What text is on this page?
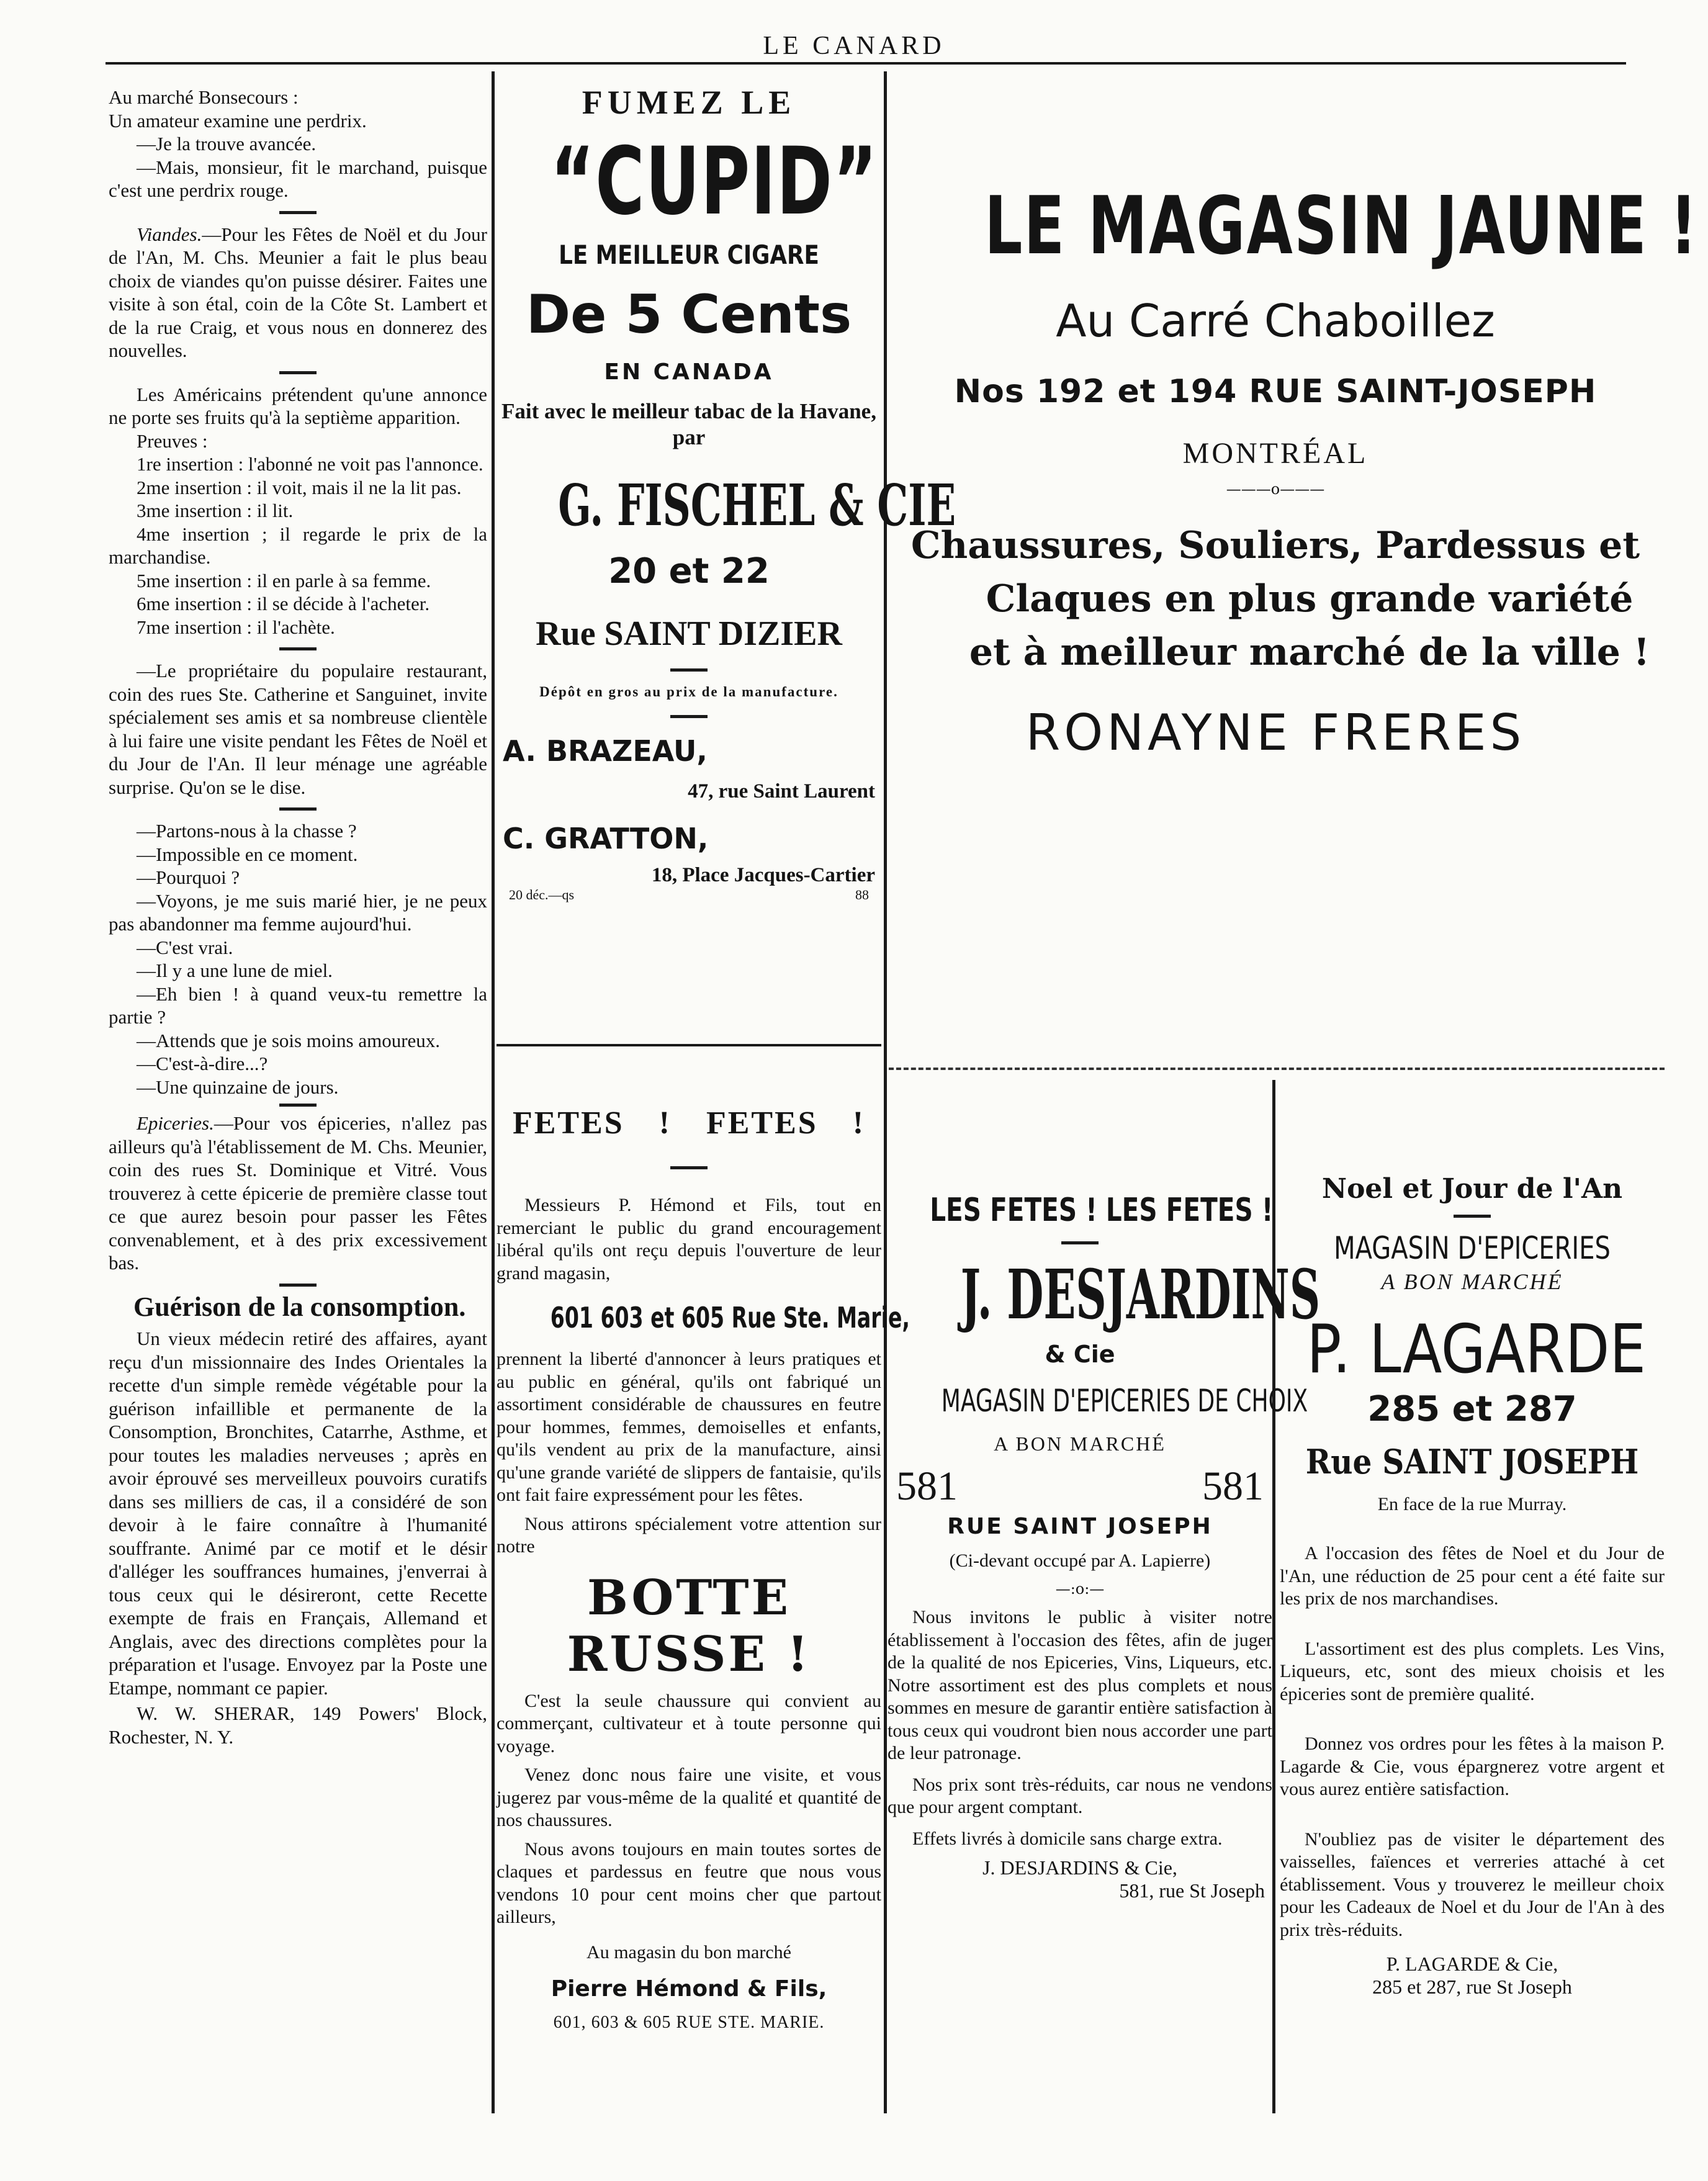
LE CANARD

Au marché Bonsecours :

Un amateur examine une perdrix.

—Je la trouve avancée.

—Mais, monsieur, fit le marchand, puisque c'est une perdrix rouge.

Viandes.—Pour les Fêtes de Noël et du Jour de l'An, M. Chs. Meunier a fait le plus beau choix de viandes qu'on puisse désirer. Faites une visite à son étal, coin de la Côte St. Lambert et de la rue Craig, et vous nous en donnerez des nouvelles.

Les Américains prétendent qu'une annonce ne porte ses fruits qu'à la septième apparition.

Preuves :

1re insertion : l'abonné ne voit pas l'annonce.

2me insertion : il voit, mais il ne la lit pas.

3me insertion : il lit.

4me insertion ; il regarde le prix de la marchandise.

5me insertion : il en parle à sa femme.

6me insertion : il se décide à l'acheter.

7me insertion : il l'achète.

—Le propriétaire du populaire restaurant, coin des rues Ste. Catherine et Sanguinet, invite spécialement ses amis et sa nombreuse clientèle à lui faire une visite pendant les Fêtes de Noël et du Jour de l'An. Il leur ménage une agréable surprise. Qu'on se le dise.

—Partons-nous à la chasse ?

—Impossible en ce moment.

—Pourquoi ?

—Voyons, je me suis marié hier, je ne peux pas abandonner ma femme aujourd'hui.

—C'est vrai.

—Il y a une lune de miel.

—Eh bien ! à quand veux-tu remettre la partie ?

—Attends que je sois moins amoureux.

—C'est-à-dire...?

—Une quinzaine de jours.

Epiceries.—Pour vos épiceries, n'allez pas ailleurs qu'à l'établissement de M. Chs. Meunier, coin des rues St. Dominique et Vitré. Vous trouverez à cette épicerie de première classe tout ce que aurez besoin pour passer les Fêtes convenablement, et à des prix excessivement bas.

Guérison de la consomption.

Un vieux médecin retiré des affaires, ayant reçu d'un missionnaire des Indes Orientales la recette d'un simple remède végétable pour la guérison infaillible et permanente de la Consomption, Bronchites, Catarrhe, Asthme, et pour toutes les maladies nerveuses ; après en avoir éprouvé ses merveilleux pouvoirs curatifs dans ses milliers de cas, il a considéré de son devoir à le faire connaître à l'humanité souffrante. Animé par ce motif et le désir d'alléger les souffrances humaines, j'enverrai à tous ceux qui le désireront, cette Recette exempte de frais en Français, Allemand et Anglais, avec des directions complètes pour la préparation et l'usage. Envoyez par la Poste une Etampe, nommant ce papier.

W. W. SHERAR, 149 Powers' Block, Rochester, N. Y.

FUMEZ LE
“CUPID”
LE MEILLEUR CIGARE
De 5 Cents
EN CANADA
Fait avec le meilleur tabac de la Havane, par
G. FISCHEL & CIE
20 et 22
Rue SAINT DIZIER
Dépôt en gros au prix de la manufacture.
A. BRAZEAU,
47, rue Saint Laurent
C. GRATTON,
18, Place Jacques-Cartier
20 déc.—qs	88
LE MAGASIN JAUNE !
Au Carré Chaboillez
Nos 192 et 194 RUE SAINT-JOSEPH
MONTRÉAL
———o———
Chaussures, Souliers, Pardessus et
Claques en plus grande variété
et à meilleur marché de la ville !
RONAYNE FRERES
FETES ! FETES !
Messieurs P. Hémond et Fils, tout en remerciant le public du grand encouragement libéral qu'ils ont reçu depuis l'ouverture de leur grand magasin,
601 603 et 605 Rue Ste. Marie,
prennent la liberté d'annoncer à leurs pratiques et au public en général, qu'ils ont fabriqué un assortiment considérable de chaussures en feutre pour hommes, femmes, demoiselles et enfants, qu'ils vendent au prix de la manufacture, ainsi qu'une grande variété de slippers de fantaisie, qu'ils ont fait faire expressément pour les fêtes.
Nous attirons spécialement votre attention sur notre
BOTTE RUSSE !
C'est la seule chaussure qui convient au commerçant, cultivateur et à toute personne qui voyage.
Venez donc nous faire une visite, et vous jugerez par vous-même de la qualité et quantité de nos chaussures.
Nous avons toujours en main toutes sortes de claques et pardessus en feutre que nous vous vendons 10 pour cent moins cher que partout ailleurs,
Au magasin du bon marché
Pierre Hémond & Fils,
601, 603 & 605 RUE STE. MARIE.
LES FETES ! LES FETES !
J. DESJARDINS
& Cie
MAGASIN D'EPICERIES DE CHOIX
A BON MARCHÉ
581	581
RUE SAINT JOSEPH
(Ci-devant occupé par A. Lapierre)
—:o:—
Nous invitons le public à visiter notre établissement à l'occasion des fêtes, afin de juger de la qualité de nos Epiceries, Vins, Liqueurs, etc. Notre assortiment est des plus complets et nous sommes en mesure de garantir entière satisfaction à tous ceux qui voudront bien nous accorder une part de leur patronage.
Nos prix sont très-réduits, car nous ne vendons que pour argent comptant.
Effets livrés à domicile sans charge extra.
J. DESJARDINS & Cie,
581, rue St Joseph
Noel et Jour de l'An
MAGASIN D'EPICERIES
A BON MARCHÉ
P. LAGARDE
285 et 287
Rue SAINT JOSEPH
En face de la rue Murray.
A l'occasion des fêtes de Noel et du Jour de l'An, une réduction de 25 pour cent a été faite sur les prix de nos marchandises.
L'assortiment est des plus complets. Les Vins, Liqueurs, etc, sont des mieux choisis et les épiceries sont de première qualité.
Donnez vos ordres pour les fêtes à la maison P. Lagarde & Cie, vous épargnerez votre argent et vous aurez entière satisfaction.
N'oubliez pas de visiter le département des vaisselles, faïences et verreries attaché à cet établissement. Vous y trouverez le meilleur choix pour les Cadeaux de Noel et du Jour de l'An à des prix très-réduits.
P. LAGARDE & Cie,
285 et 287, rue St Joseph
